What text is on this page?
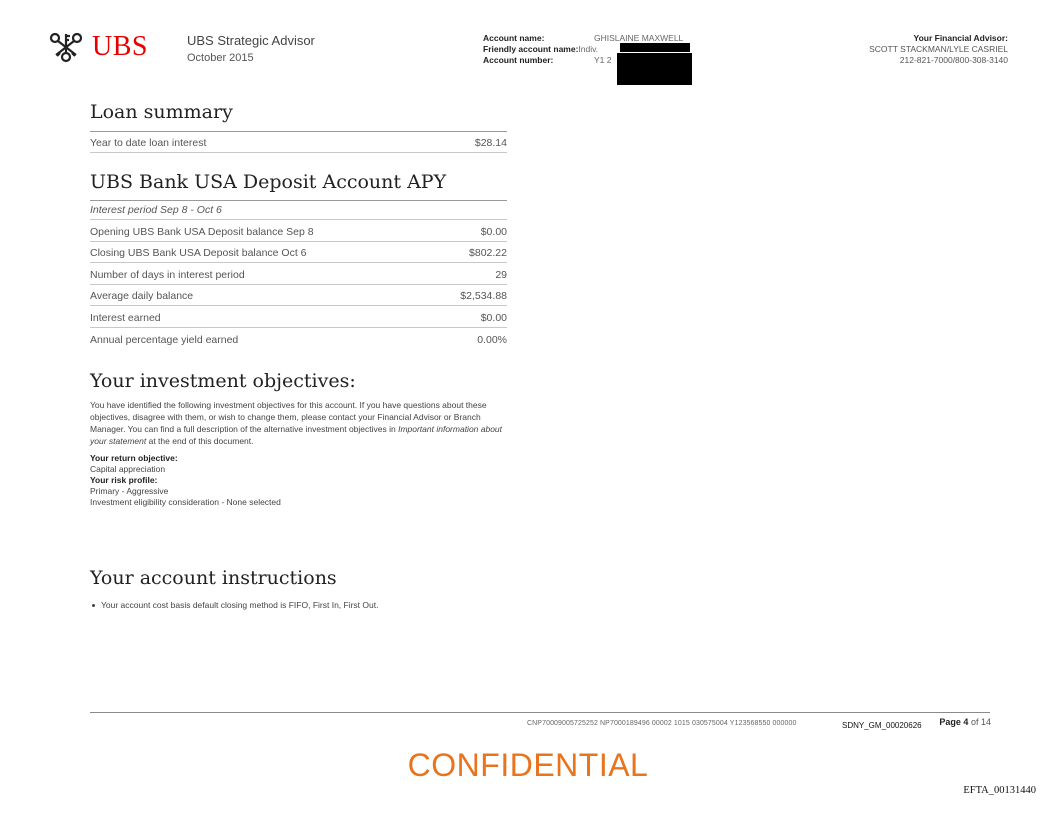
UBS	UBS Strategic Advisor
October 2015
Account name:	GHISLAINE MAXWELL
Friendly account name: Indiv.
Account number:	Y1 2
Your Financial Advisor:
SCOTT STACKMAN/LYLE CASRIEL
212-821-7000/800-308-3140
Loan summary
Year to date loan interest	$28.14
UBS Bank USA Deposit Account APY
Interest period Sep 8 - Oct 6
Opening UBS Bank USA Deposit balance Sep 8	$0.00
Closing UBS Bank USA Deposit balance Oct 6	$802.22
Number of days in interest period	29
Average daily balance	$2,534.88
Interest earned	$0.00
Annual percentage yield earned	0.00%
Your investment objectives:
You have identified the following investment objectives for this account. If you have questions about these objectives, disagree with them, or wish to change them, please contact your Financial Advisor or Branch Manager. You can find a full description of the alternative investment objectives in Important information about your statement at the end of this document.
Your return objective:
Capital appreciation
Your risk profile:
Primary - Aggressive
Investment eligibility consideration - None selected
Your account instructions
Your account cost basis default closing method is FIFO, First In, First Out.
CNP70009005725252 NP7000189496 00002 1015 030575004 Y123568550 000000	SDNY_GM_00020626 Page 4 of 14
CONFIDENTIAL
EFTA_00131440
